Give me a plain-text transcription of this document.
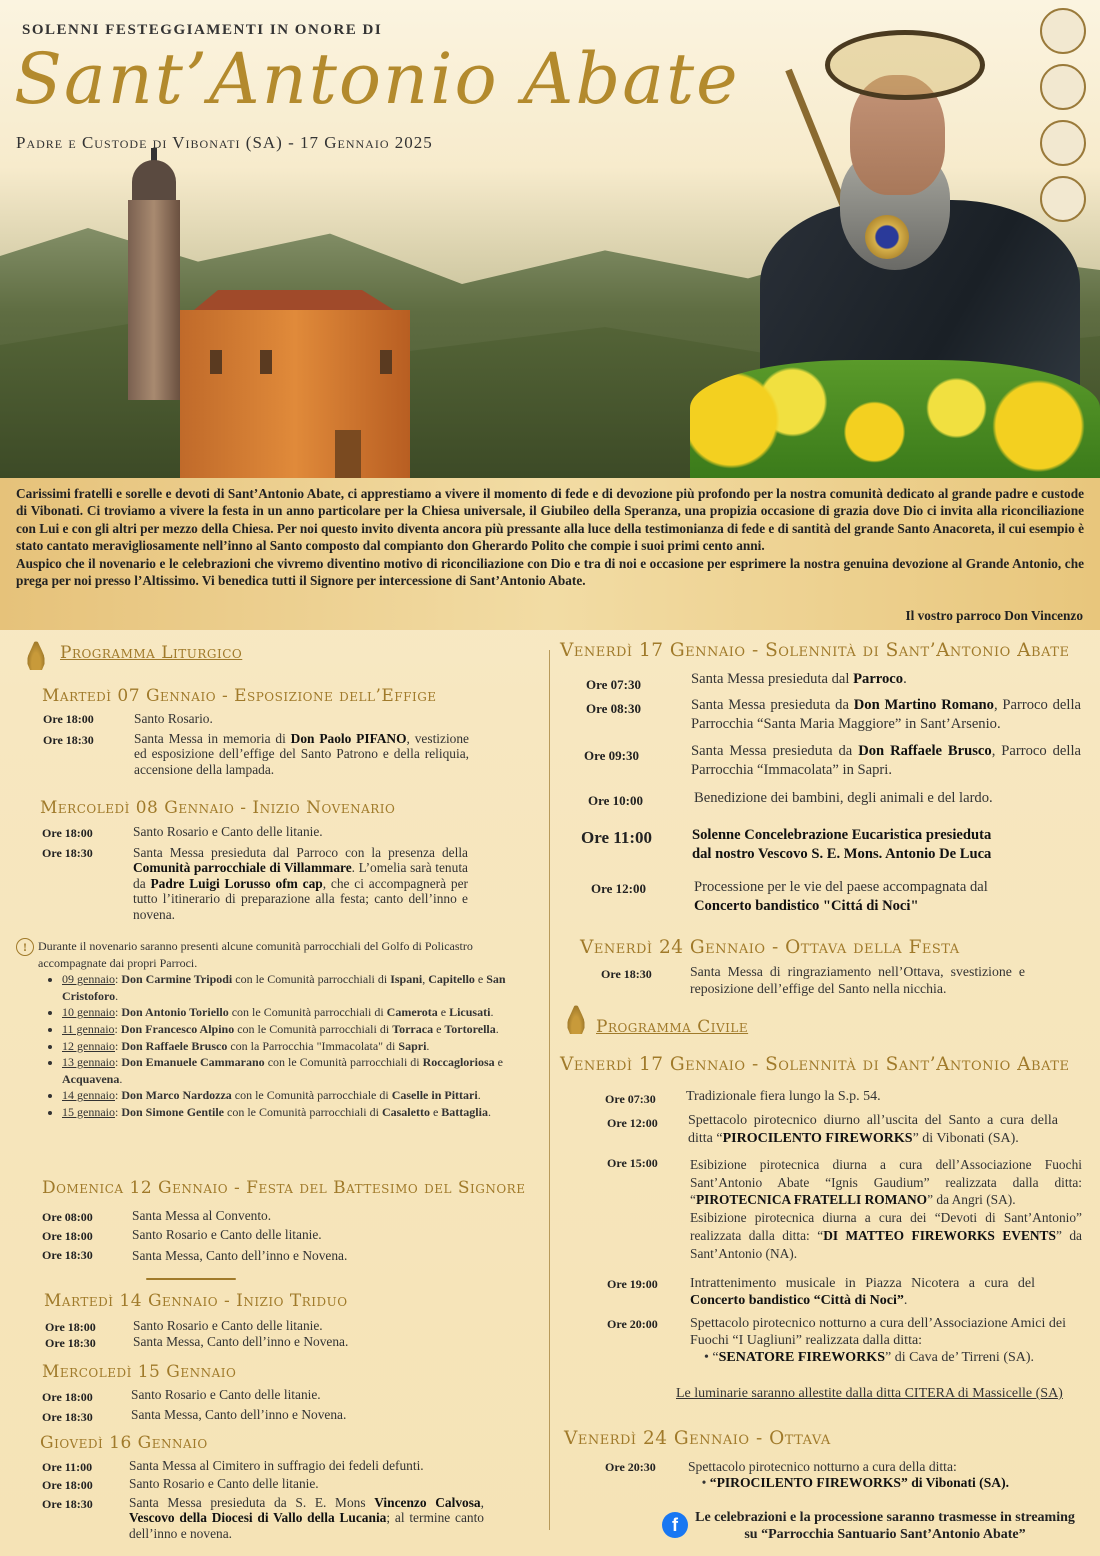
SOLENNI FESTEGGIAMENTI IN ONORE DI
Sant’Antonio Abate
Padre e Custode di Vibonati (SA) - 17 Gennaio 2025
Carissimi fratelli e sorelle e devoti di Sant’Antonio Abate, ci apprestiamo a vivere il momento di fede e di devozione più profondo per la nostra comunità dedicato al grande padre e custode di Vibonati. Ci troviamo a vivere la festa in un anno particolare per la Chiesa universale, il Giubileo della Speranza, una propizia occasione di grazia dove Dio ci invita alla riconciliazione con Lui e con gli altri per mezzo della Chiesa. Per noi questo invito diventa ancora più pressante alla luce della testimonianza di fede e di santità del grande Santo Anacoreta, il cui esempio è stato cantato meravigliosamente nell’inno al Santo composto dal compianto don Gherardo Polito che compie i suoi primi cento anni.
Auspico che il novenario e le celebrazioni che vivremo diventino motivo di riconciliazione con Dio e tra di noi e occasione per esprimere la nostra genuina devozione al Grande Antonio, che prega per noi presso l’Altissimo. Vi benedica tutti il Signore per intercessione di Sant’Antonio Abate.
Il vostro parroco Don Vincenzo
Programma Liturgico
Martedì 07 Gennaio - Esposizione dell’Effige
Ore 18:00	Santo Rosario.
Ore 18:30	Santa Messa in memoria di Don Paolo PIFANO, vestizione ed esposizione dell’effige del Santo Patrono e della reliquia, accensione della lampada.
Mercoledì 08 Gennaio - Inizio Novenario
Ore 18:00	Santo Rosario e Canto delle litanie.
Ore 18:30	Santa Messa presieduta dal Parroco con la presenza della Comunità parrocchiale di Villammare. L’omelia sarà tenuta da Padre Luigi Lorusso ofm cap, che ci accompagnerà per tutto l’itinerario di preparazione alla festa; canto dell’inno e novena.
! Durante il novenario saranno presenti alcune comunità parrocchiali del Golfo di Policastro accompagnate dai propri Parroci.
• 09 gennaio: Don Carmine Tripodi con le Comunità parrocchiali di Ispani, Capitello e San Cristoforo.
• 10 gennaio: Don Antonio Toriello con le Comunità parrocchiali di Camerota e Licusati.
• 11 gennaio: Don Francesco Alpino con le Comunità parrocchiali di Torraca e Tortorella.
• 12 gennaio: Don Raffaele Brusco con la Parrocchia "Immacolata" di Sapri.
• 13 gennaio: Don Emanuele Cammarano con le Comunità parrocchiali di Roccagloriosa e Acquavena.
• 14 gennaio: Don Marco Nardozza con le Comunità parrocchiale di Caselle in Pittari.
• 15 gennaio: Don Simone Gentile con le Comunità parrocchiali di Casaletto e Battaglia.
Domenica 12 Gennaio - Festa del Battesimo del Signore
Ore 08:00	Santa Messa al Convento.
Ore 18:00	Santo Rosario e Canto delle litanie.
Ore 18:30	Santa Messa, Canto dell’inno e Novena.
Martedì 14 Gennaio - Inizio Triduo
Ore 18:00	Santo Rosario e Canto delle litanie.
Ore 18:30	Santa Messa, Canto dell’inno e Novena.
Mercoledì 15 Gennaio
Ore 18:00	Santo Rosario e Canto delle litanie.
Ore 18:30	Santa Messa, Canto dell’inno e Novena.
Giovedì 16 Gennaio
Ore 11:00	Santa Messa al Cimitero in suffragio dei fedeli defunti.
Ore 18:00	Santo Rosario e Canto delle litanie.
Ore 18:30	Santa Messa presieduta da S. E. Mons Vincenzo Calvosa, Vescovo della Diocesi di Vallo della Lucania; al termine canto dell’inno e novena.
Venerdì 17 Gennaio - Solennità di Sant’Antonio Abate
Ore 07:30	Santa Messa presieduta dal Parroco.
Ore 08:30	Santa Messa presieduta da Don Martino Romano, Parroco della Parrocchia “Santa Maria Maggiore” in Sant’Arsenio.
Ore 09:30	Santa Messa presieduta da Don Raffaele Brusco, Parroco della Parrocchia “Immacolata” in Sapri.
Ore 10:00	Benedizione dei bambini, degli animali e del lardo.
Ore 11:00	Solenne Concelebrazione Eucaristica presieduta
dal nostro Vescovo S. E. Mons. Antonio De Luca
Ore 12:00	Processione per le vie del paese accompagnata dal
Concerto bandistico "Cittá di Noci"
Venerdì 24 Gennaio - Ottava della Festa
Ore 18:30	Santa Messa di ringraziamento nell’Ottava, svestizione e reposizione dell’effige del Santo nella nicchia.
Programma Civile
Venerdì 17 Gennaio - Solennità di Sant’Antonio Abate
Ore 07:30 Tradizionale fiera lungo la S.p. 54.
Ore 12:00 Spettacolo pirotecnico diurno all’uscita del Santo a cura della ditta “PIROCILENTO FIREWORKS” di Vibonati (SA).
Ore 15:00 Esibizione pirotecnica diurna a cura dell’Associazione Fuochi Sant’Antonio Abate “Ignis Gaudium” realizzata dalla ditta: “PIROTECNICA FRATELLI ROMANO” da Angri (SA).
Esibizione pirotecnica diurna a cura dei “Devoti di Sant’Antonio” realizzata dalla ditta: “DI MATTEO FIREWORKS EVENTS” da Sant’Antonio (NA).
Ore 19:00 Intrattenimento musicale in Piazza Nicotera a cura del Concerto bandistico “Città di Noci”.
Ore 20:00 Spettacolo pirotecnico notturno a cura dell’Associazione Amici dei Fuochi “I Uagliuni” realizzata dalla ditta:
• “SENATORE FIREWORKS” di Cava de’ Tirreni (SA).
Le luminarie saranno allestite dalla ditta CITERA di Massicelle (SA)
Venerdì 24 Gennaio - Ottava
Ore 20:30 Spettacolo pirotecnico notturno a cura della ditta:
• “PIROCILENTO FIREWORKS” di Vibonati (SA).
f	Le celebrazioni e la processione saranno trasmesse in streaming su “Parrocchia Santuario Sant’Antonio Abate”
